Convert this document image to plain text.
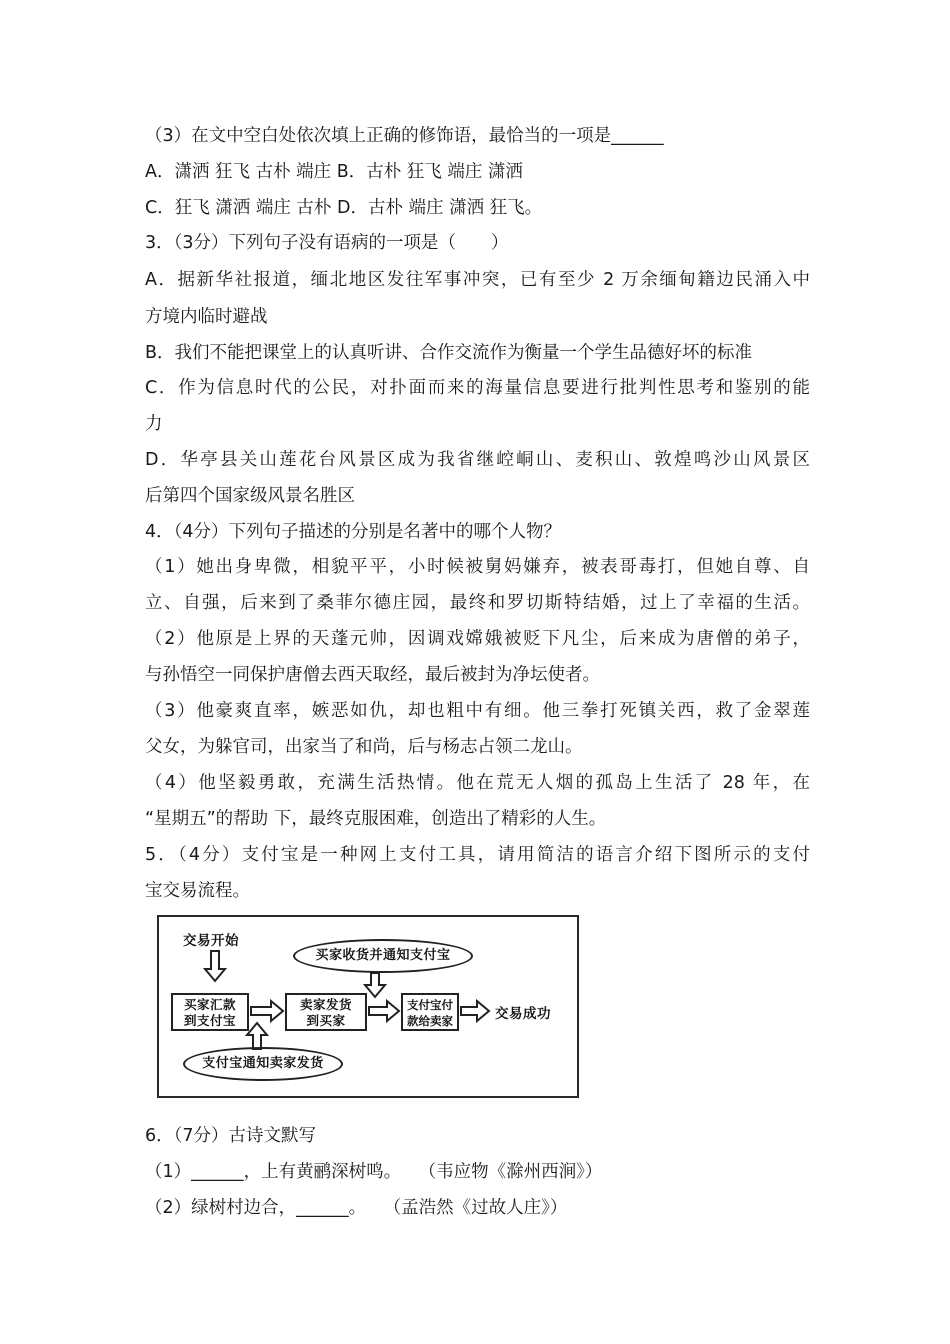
（3）在文中空白处依次填上正确的修饰语，最恰当的一项是______
A．潇洒 狂飞 古朴 端庄 B．古朴 狂飞 端庄 潇洒
C．狂飞 潇洒 端庄 古朴 D．古朴 端庄 潇洒 狂飞。
3．（3分）下列句子没有语病的一项是（　　）
A．据新华社报道，缅北地区发往军事冲突，已有至少 2 万余缅甸籍边民涌入中
方境内临时避战
B．我们不能把课堂上的认真听讲、合作交流作为衡量一个学生品德好坏的标准
C．作为信息时代的公民，对扑面而来的海量信息要进行批判性思考和鉴别的能
力
D．华亭县关山莲花台风景区成为我省继崆峒山、麦积山、敦煌鸣沙山风景区
后第四个国家级风景名胜区
4．（4分）下列句子描述的分别是名著中的哪个人物？
（1）她出身卑微，相貌平平，小时候被舅妈嫌弃，被表哥毒打，但她自尊、自
立、自强，后来到了桑菲尔德庄园，最终和罗切斯特结婚，过上了幸福的生活。
（2）他原是上界的天蓬元帅，因调戏嫦娥被贬下凡尘，后来成为唐僧的弟子，
与孙悟空一同保护唐僧去西天取经，最后被封为净坛使者。
（3）他豪爽直率，嫉恶如仇，却也粗中有细。他三拳打死镇关西，救了金翠莲
父女，为躲官司，出家当了和尚，后与杨志占领二龙山。
（4）他坚毅勇敢，充满生活热情。他在荒无人烟的孤岛上生活了 28 年，在
“星期五”的帮助 下，最终克服困难，创造出了精彩的人生。
5．（4分）支付宝是一种网上支付工具，请用简洁的语言介绍下图所示的支付
宝交易流程。
交易开始
买家汇款
到支付宝
卖家发货
到买家
支付宝付
款给卖家	交易成功
买家收货并通知支付宝
支付宝通知卖家发货
6．（7分）古诗文默写
（1）______，上有黄鹂深树鸣。　　（韦应物《滁州西涧》）
（2）绿树村边合，______。　　（孟浩然《过故人庄》）
